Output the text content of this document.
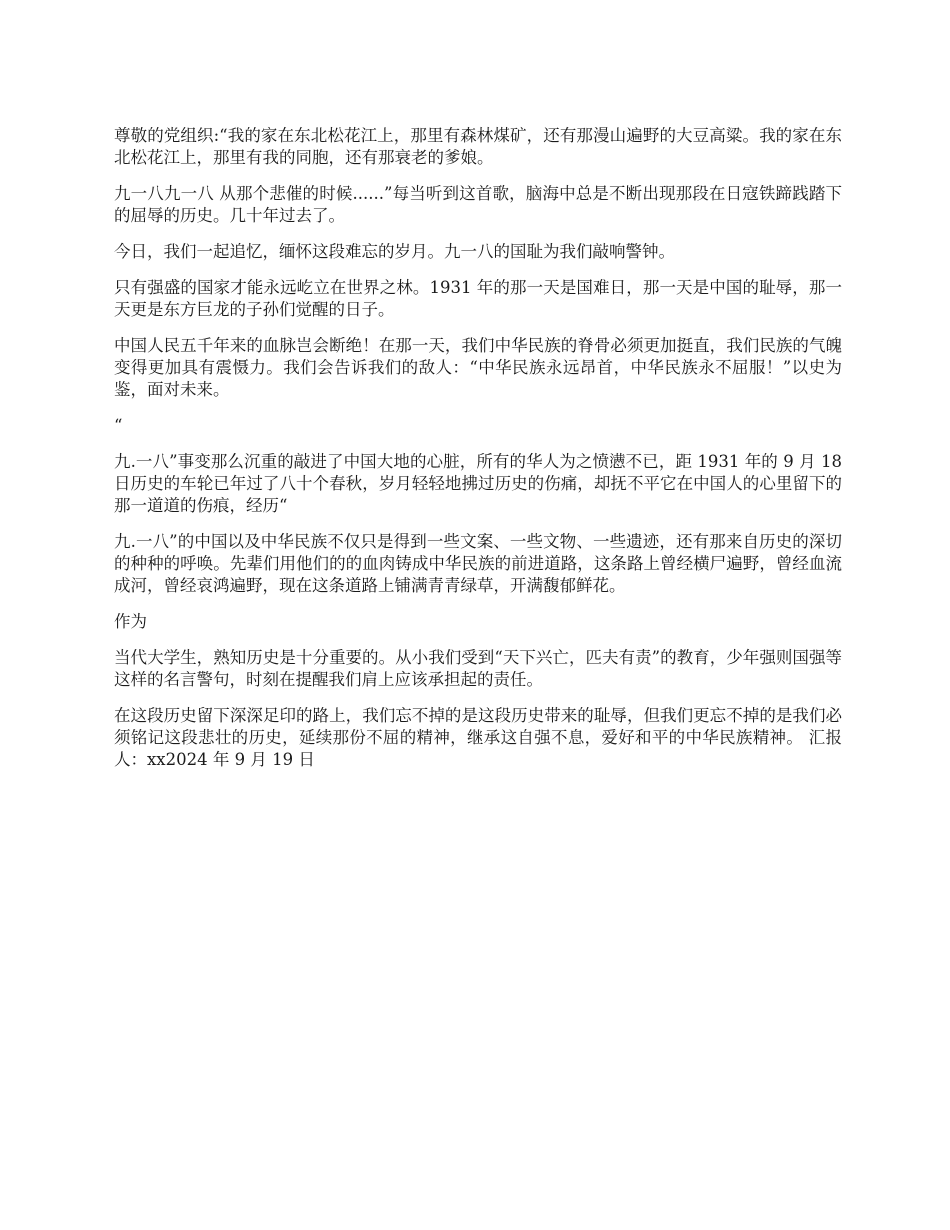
尊敬的党组织:“我的家在东北松花江上，那里有森林煤矿，还有那漫山遍野的大豆高粱。我的家在东北松花江上，那里有我的同胞，还有那衰老的爹娘。

九一八九一八 从那个悲催的时候......”每当听到这首歌，脑海中总是不断出现那段在日寇铁蹄践踏下的屈辱的历史。几十年过去了。

今日，我们一起追忆，缅怀这段难忘的岁月。九一八的国耻为我们敲响警钟。

只有强盛的国家才能永远屹立在世界之林。1931 年的那一天是国难日，那一天是中国的耻辱，那一天更是东方巨龙的子孙们觉醒的日子。

中国人民五千年来的血脉岂会断绝！在那一天，我们中华民族的脊骨必须更加挺直，我们民族的气魄变得更加具有震慑力。我们会告诉我们的敌人：“中华民族永远昂首，中华民族永不屈服！”以史为鉴，面对未来。

“

九.一八”事变那么沉重的敲进了中国大地的心脏，所有的华人为之愤懑不已，距 1931 年的 9 月 18 日历史的车轮已年过了八十个春秋，岁月轻轻地拂过历史的伤痛，却抚不平它在中国人的心里留下的那一道道的伤痕，经历“

九.一八”的中国以及中华民族不仅只是得到一些文案、一些文物、一些遗迹，还有那来自历史的深切的种种的呼唤。先辈们用他们的的血肉铸成中华民族的前进道路，这条路上曾经横尸遍野，曾经血流成河，曾经哀鸿遍野，现在这条道路上铺满青青绿草，开满馥郁鲜花。

作为

当代大学生，熟知历史是十分重要的。从小我们受到“天下兴亡，匹夫有责”的教育，少年强则国强等这样的名言警句，时刻在提醒我们肩上应该承担起的责任。

在这段历史留下深深足印的路上，我们忘不掉的是这段历史带来的耻辱，但我们更忘不掉的是我们必须铭记这段悲壮的历史，延续那份不屈的精神，继承这自强不息，爱好和平的中华民族精神。 汇报人：xx2024 年 9 月 19 日
